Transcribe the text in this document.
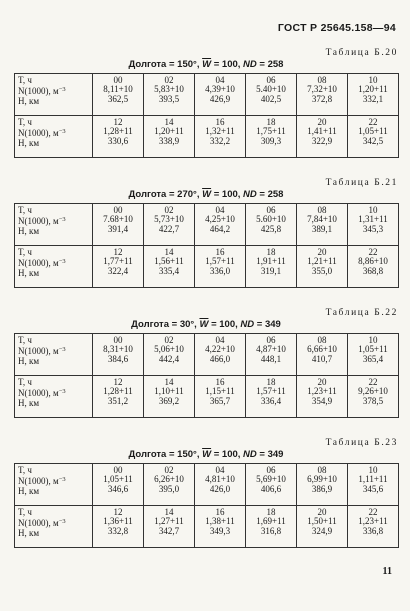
ГОСТ Р 25645.158—94
Таблица Б.20
Долгота = 150°, $\overline{W} = 100$, ND = 258
T, ч
N(1000), $м^{-3}$
H, км	00
8,11+10
362,5	02
5,83+10
393,5	04
4,39+10
426,9	06
5.40+10
402,5	08
7,32+10
372,8	10
1,20+11
332,1

T, ч
N(1000), $м^{-3}$
H, км	12
1,28+11
330,6	14
1,20+11
338,9	16
1,32+11
332,2	18
1,75+11
309,3	20
1,41+11
322,9	22
1,05+11
342,5
Таблица Б.21
Долгота = 270°, $\overline{W} = 100$, ND = 258
T, ч
N(1000), $м^{-3}$
H, км	00
7.68+10
391,4	02
5,73+10
422,7	04
4,25+10
464,2	06
5.60+10
425,8	08
7,84+10
389,1	10
1,31+11
345,3

T, ч
N(1000), $м^{-3}$
H, км	12
1,77+11
322,4	14
1,56+11
335,4	16
1,57+11
336,0	18
1,91+11
319,1	20
1,21+11
355,0	22
8,86+10
368,8
Таблица Б.22
Долгота = 30°, $\overline{W} = 100$, ND = 349
T, ч
N(1000), $м^{-3}$
H, км	00
8,31+10
384,6	02
5,06+10
442,4	04
4,22+10
466,0	06
4,87+10
448,1	08
6,66+10
410,7	10
1,05+11
365,4

T, ч
N(1000), $м^{-3}$
H, км	12
1,28+11
351,2	14
1,10+11
369,2	16
1,15+11
365,7	18
1,57+11
336,4	20
1,23+11
354,9	22
9,26+10
378,5
Таблица Б.23
Долгота = 150°, $\overline{W} = 100$, ND = 349
T, ч
N(1000), $м^{-3}$
H, км	00
1,05+11
346,6	02
6,26+10
395,0	04
4,81+10
426,0	06
5,69+10
406,6	08
6,99+10
386,9	10
1,11+11
345,6

T, ч
N(1000), $м^{-3}$
H, км	12
1,36+11
332,8	14
1,27+11
342,7	16
1,38+11
349,3	18
1,69+11
316,8	20
1,50+11
324,9	22
1,23+11
336,8
11
